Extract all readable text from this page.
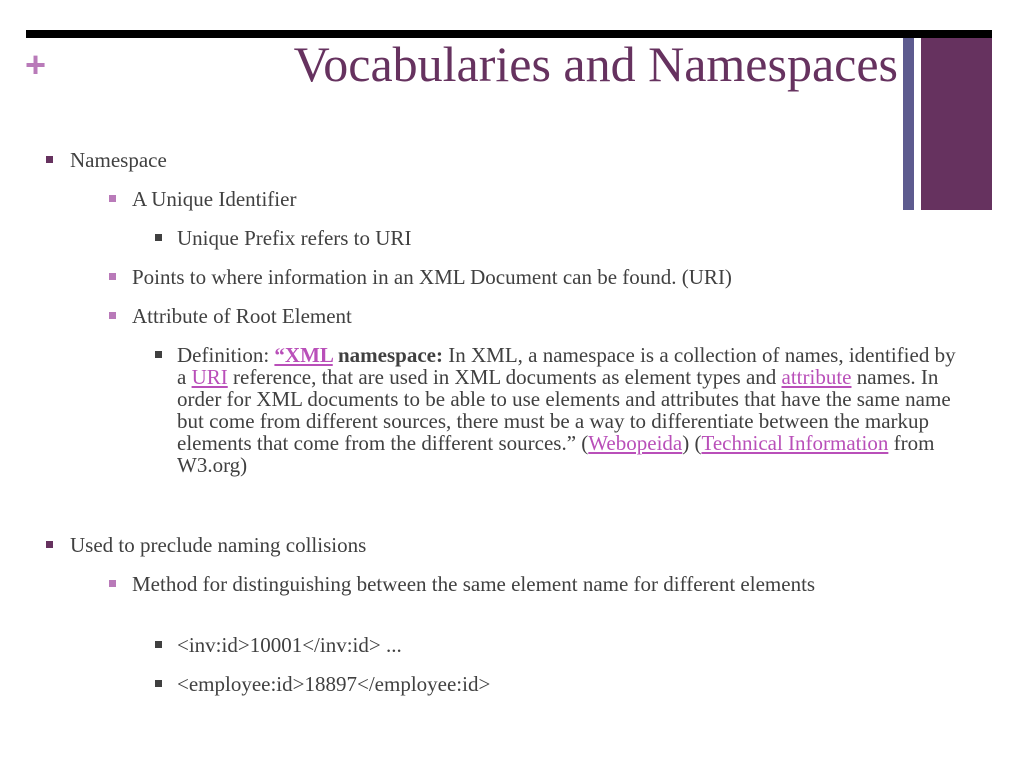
+	Vocabularies and Namespaces
Namespace
A Unique Identifier
Unique Prefix refers to URI
Points to where information in an XML Document can be found. (URI)
Attribute of Root Element
Definition: “XML namespace: In XML, a namespace is a collection of names, identified by a URI reference, that are used in XML documents as element types and attribute names. In order for XML documents to be able to use elements and attributes that have the same name but come from different sources, there must be a way to differentiate between the markup elements that come from the different sources.” (Webopeida) (Technical Information from W3.org)
Used to preclude naming collisions
Method for distinguishing between the same element name for different elements
<inv:id>10001</inv:id> ...
<employee:id>18897</employee:id>
